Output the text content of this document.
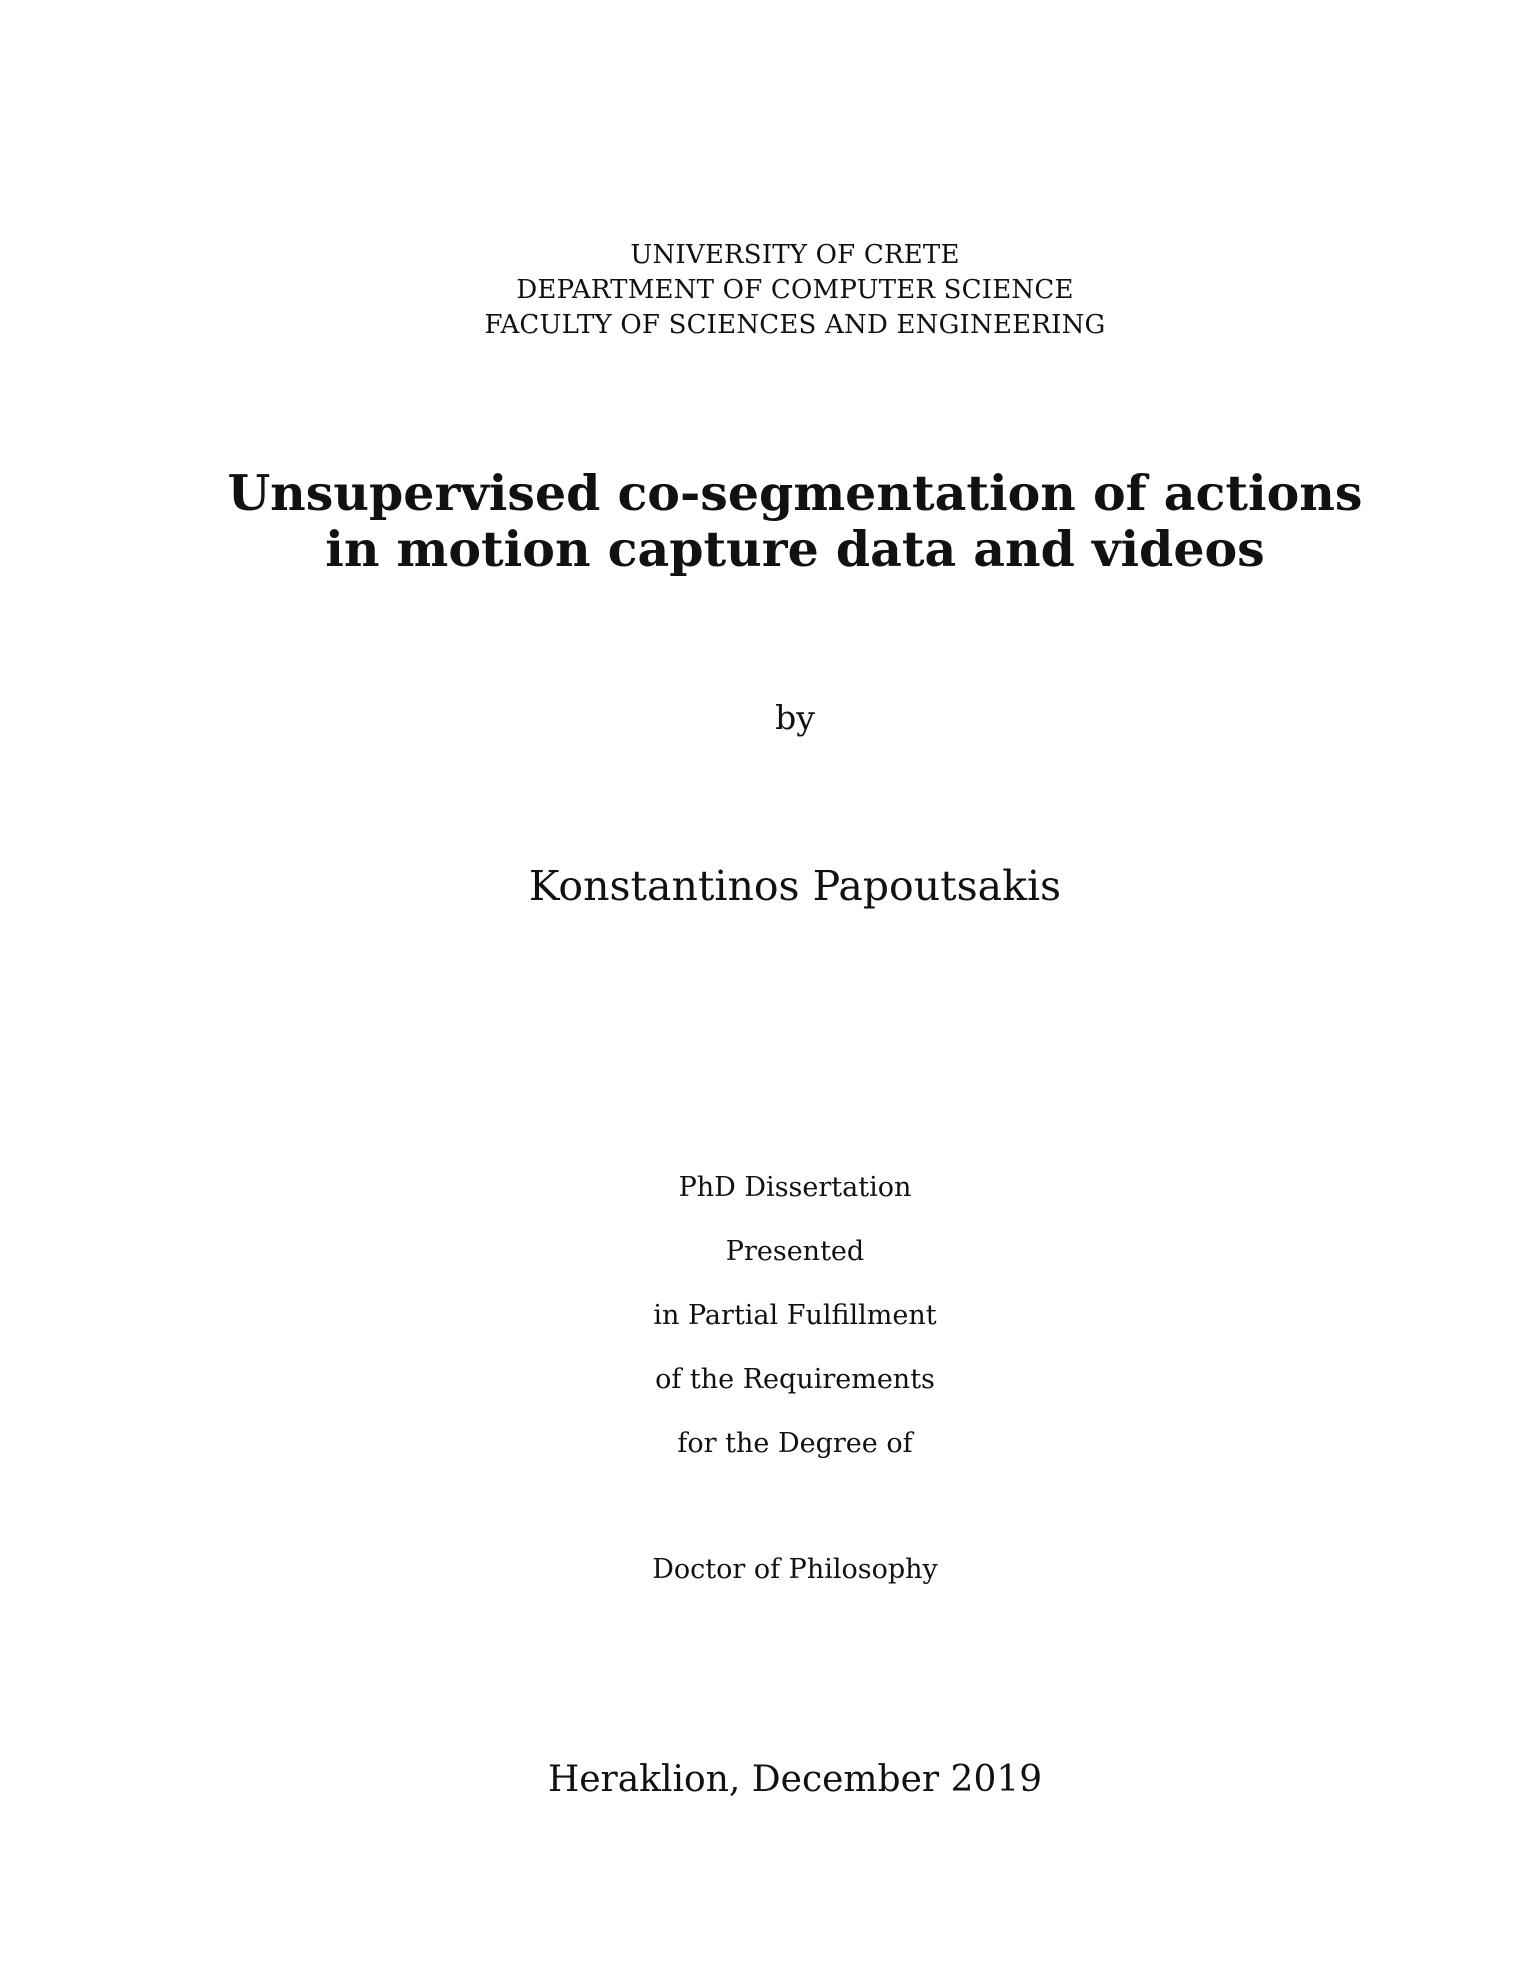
UNIVERSITY OF CRETE
DEPARTMENT OF COMPUTER SCIENCE
FACULTY OF SCIENCES AND ENGINEERING
Unsupervised co-segmentation of actions
in motion capture data and videos
by
Konstantinos Papoutsakis
PhD Dissertation
Presented
in Partial Fulfillment
of the Requirements
for the Degree of
Doctor of Philosophy
Heraklion, December 2019
